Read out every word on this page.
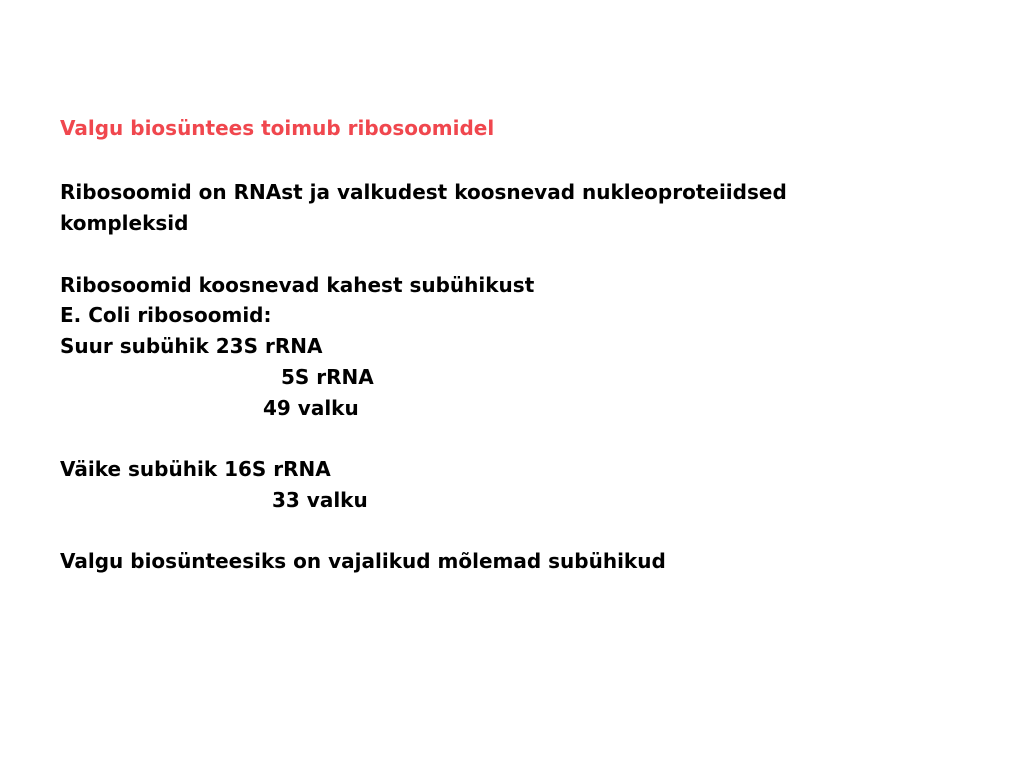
Valgu biosüntees toimub ribosoomidel
Ribosoomid on RNAst ja valkudest koosnevad nukleoproteiidsed
kompleksid
Ribosoomid koosnevad kahest subühikust
E. Coli ribosoomid:
Suur subühik 23S rRNA
5S rRNA
49 valku
Väike subühik 16S rRNA
33 valku
Valgu biosünteesiks on vajalikud mõlemad subühikud
